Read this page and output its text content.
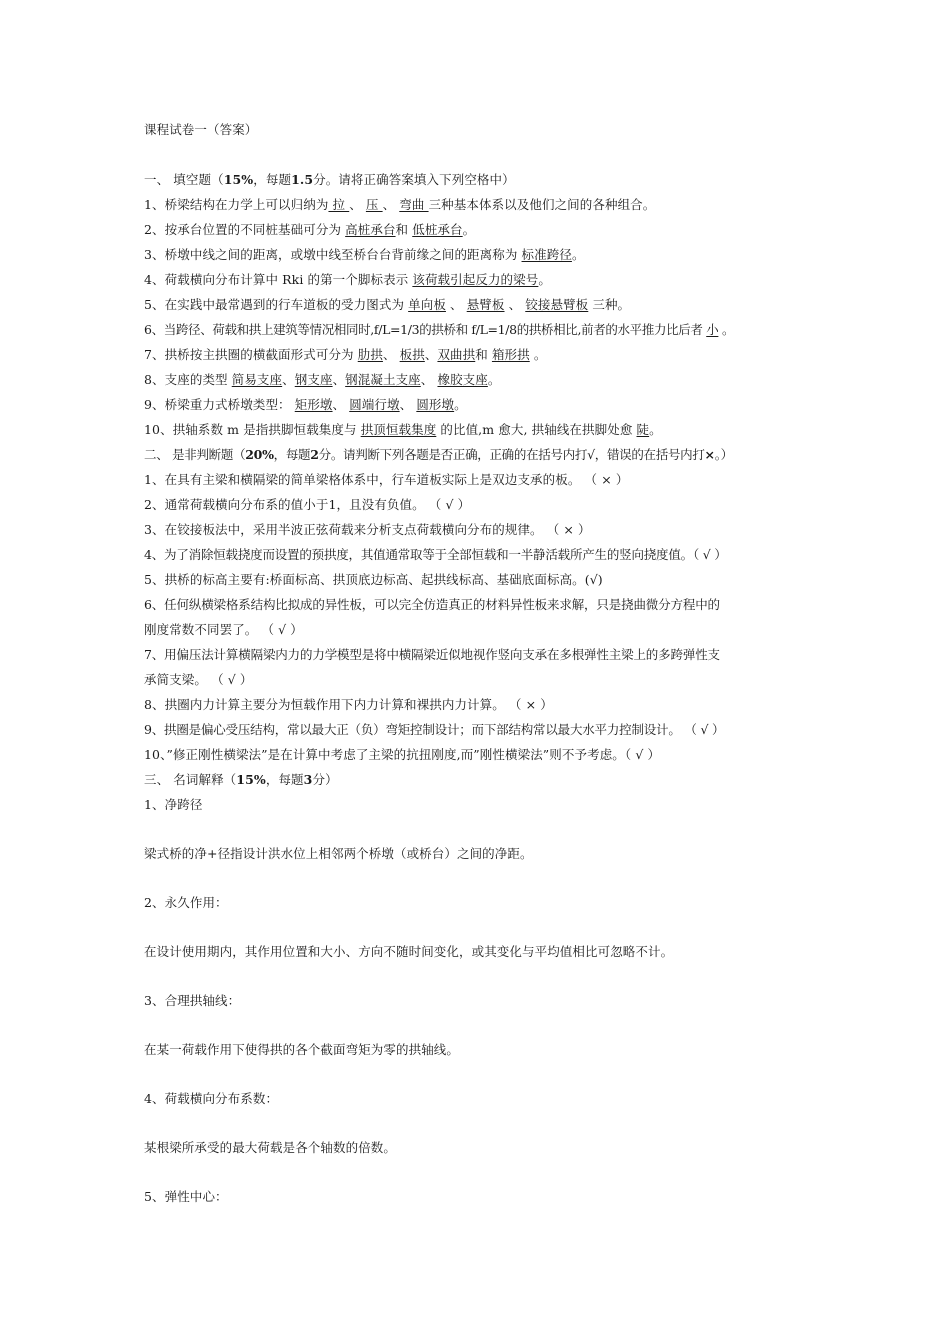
课程试卷一（答案）
一、 填空题（15%，每题1.5分。请将正确答案填入下列空格中）
1、桥梁结构在力学上可以归纳为 拉 、 压 、 弯曲 三种基本体系以及他们之间的各种组合。
2、按承台位置的不同桩基础可分为 高桩承台和 低桩承台。
3、桥墩中线之间的距离，或墩中线至桥台台背前缘之间的距离称为 标准跨径。
4、荷载横向分布计算中 Rki 的第一个脚标表示 该荷载引起反力的梁号。
5、在实践中最常遇到的行车道板的受力图式为 单向板 、 悬臂板 、 铰接悬臂板 三种。
6、当跨径、荷载和拱上建筑等情况相同时,f/L=1/3的拱桥和 f/L=1/8的拱桥相比,前者的水平推力比后者 小 。
7、拱桥按主拱圈的横截面形式可分为 肋拱、 板拱、双曲拱和 箱形拱 。
8、支座的类型 简易支座、钢支座、钢混凝土支座、 橡胶支座。
9、桥梁重力式桥墩类型： 矩形墩、 圆端行墩、 圆形墩。
10、拱轴系数 m 是指拱脚恒载集度与 拱顶恒载集度 的比值,m 愈大, 拱轴线在拱脚处愈 陡。
二、 是非判断题（20%，每题2分。请判断下列各题是否正确，正确的在括号内打√，错误的在括号内打×。）
1、在具有主梁和横隔梁的简单梁格体系中，行车道板实际上是双边支承的板。 （ × ）
2、通常荷载横向分布系的值小于1，且没有负值。 （ √ ）
3、在铰接板法中，采用半波正弦荷载来分析支点荷载横向分布的规律。 （ × ）
4、为了消除恒载挠度而设置的预拱度，其值通常取等于全部恒载和一半静活载所产生的竖向挠度值。（ √ ）
5、拱桥的标高主要有:桥面标高、拱顶底边标高、起拱线标高、基础底面标高。(√)
6、任何纵横梁格系结构比拟成的异性板，可以完全仿造真正的材料异性板来求解，只是挠曲微分方程中的
刚度常数不同罢了。 （ √ ）
7、用偏压法计算横隔梁内力的力学模型是将中横隔梁近似地视作竖向支承在多根弹性主梁上的多跨弹性支
承简支梁。 （ √ ）
8、拱圈内力计算主要分为恒载作用下内力计算和裸拱内力计算。 （ × ）
9、拱圈是偏心受压结构，常以最大正（负）弯矩控制设计；而下部结构常以最大水平力控制设计。 （ √ ）
10、”修正刚性横梁法”是在计算中考虑了主梁的抗扭刚度,而”刚性横梁法”则不予考虑。（ √ ）
三、 名词解释（15%，每题3分）
1、净跨径
梁式桥的净+径指设计洪水位上相邻两个桥墩（或桥台）之间的净距。
2、永久作用：
在设计使用期内，其作用位置和大小、方向不随时间变化，或其变化与平均值相比可忽略不计。
3、合理拱轴线：
在某一荷载作用下使得拱的各个截面弯矩为零的拱轴线。
4、荷载横向分布系数：
某根梁所承受的最大荷载是各个轴数的倍数。
5、弹性中心：
